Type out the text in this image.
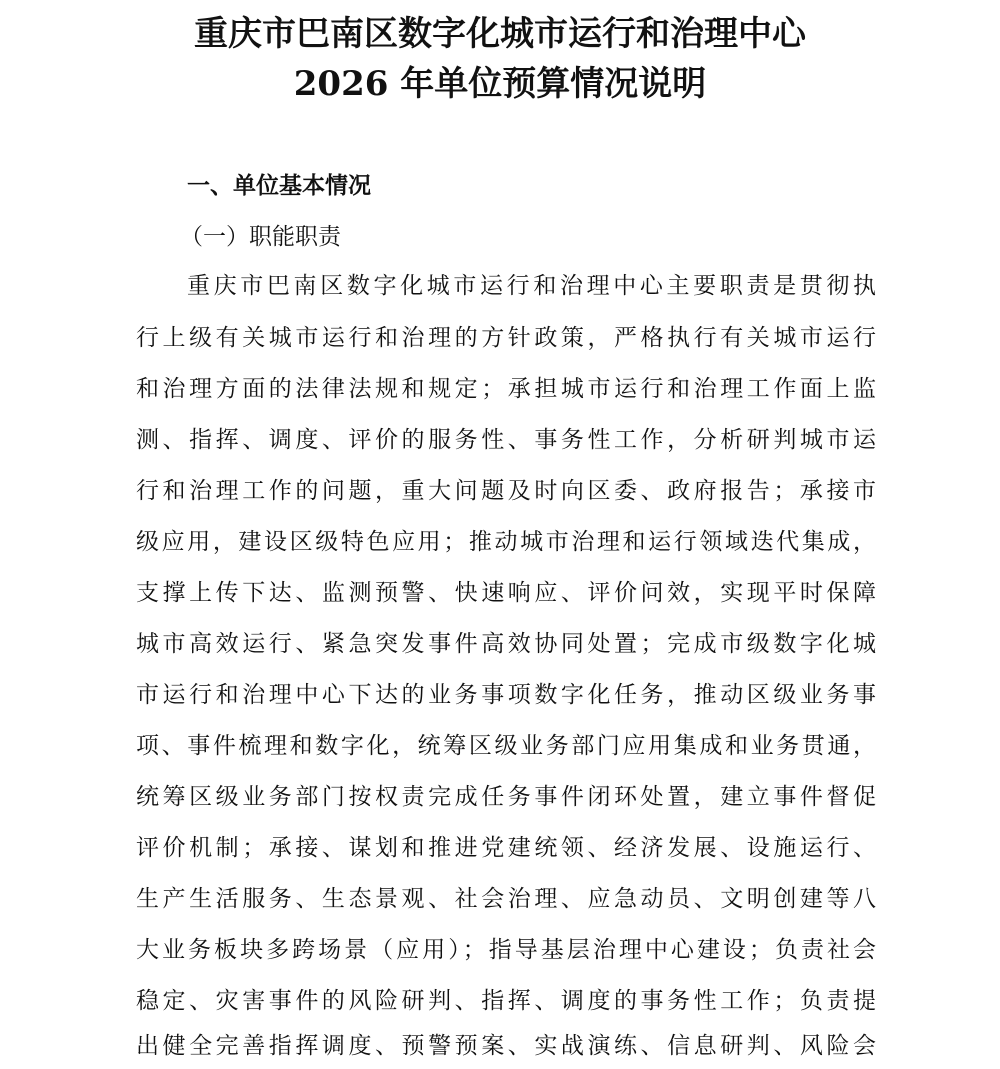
重庆市巴南区数字化城市运行和治理中心
2026 年单位预算情况说明
一、单位基本情况
（一）职能职责
重庆市巴南区数字化城市运行和治理中心主要职责是贯彻执
行上级有关城市运行和治理的方针政策，严格执行有关城市运行
和治理方面的法律法规和规定；承担城市运行和治理工作面上监
测、指挥、调度、评价的服务性、事务性工作，分析研判城市运
行和治理工作的问题，重大问题及时向区委、政府报告；承接市
级应用，建设区级特色应用；推动城市治理和运行领域迭代集成，
支撑上传下达、监测预警、快速响应、评价问效，实现平时保障
城市高效运行、紧急突发事件高效协同处置；完成市级数字化城
市运行和治理中心下达的业务事项数字化任务，推动区级业务事
项、事件梳理和数字化，统筹区级业务部门应用集成和业务贯通，
统筹区级业务部门按权责完成任务事件闭环处置，建立事件督促
评价机制；承接、谋划和推进党建统领、经济发展、设施运行、
生产生活服务、生态景观、社会治理、应急动员、文明创建等八
大业务板块多跨场景（应用）；指导基层治理中心建设；负责社会
稳定、灾害事件的风险研判、指挥、调度的事务性工作；负责提
出健全完善指挥调度、预警预案、实战演练、信息研判、风险会
